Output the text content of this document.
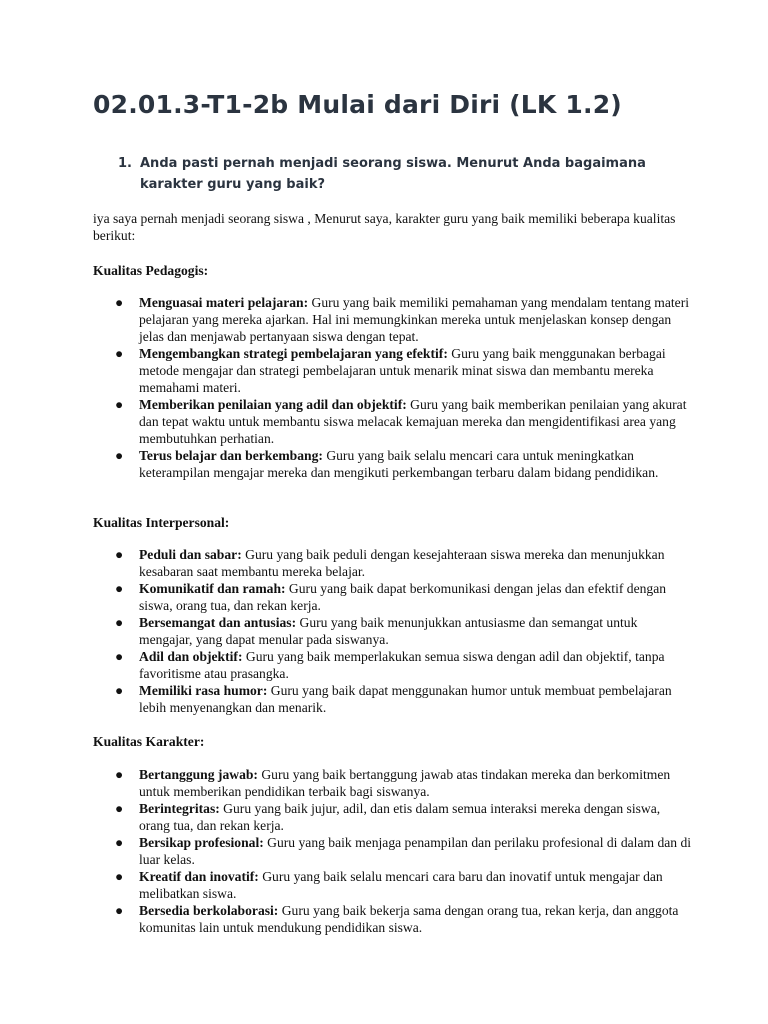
02.01.3-T1-2b Mulai dari Diri (LK 1.2)
1. Anda pasti pernah menjadi seorang siswa. Menurut Anda bagaimana karakter guru yang baik?

iya saya pernah menjadi seorang siswa , Menurut saya, karakter guru yang baik memiliki beberapa kualitas berikut:

Kualitas Pedagogis:

● Menguasai materi pelajaran: Guru yang baik memiliki pemahaman yang mendalam tentang materi pelajaran yang mereka ajarkan. Hal ini memungkinkan mereka untuk menjelaskan konsep dengan jelas dan menjawab pertanyaan siswa dengan tepat.
● Mengembangkan strategi pembelajaran yang efektif: Guru yang baik menggunakan berbagai metode mengajar dan strategi pembelajaran untuk menarik minat siswa dan membantu mereka memahami materi.
● Memberikan penilaian yang adil dan objektif: Guru yang baik memberikan penilaian yang akurat dan tepat waktu untuk membantu siswa melacak kemajuan mereka dan mengidentifikasi area yang membutuhkan perhatian.
● Terus belajar dan berkembang: Guru yang baik selalu mencari cara untuk meningkatkan keterampilan mengajar mereka dan mengikuti perkembangan terbaru dalam bidang pendidikan.

Kualitas Interpersonal:

● Peduli dan sabar: Guru yang baik peduli dengan kesejahteraan siswa mereka dan menunjukkan kesabaran saat membantu mereka belajar.
● Komunikatif dan ramah: Guru yang baik dapat berkomunikasi dengan jelas dan efektif dengan siswa, orang tua, dan rekan kerja.
● Bersemangat dan antusias: Guru yang baik menunjukkan antusiasme dan semangat untuk mengajar, yang dapat menular pada siswanya.
● Adil dan objektif: Guru yang baik memperlakukan semua siswa dengan adil dan objektif, tanpa favoritisme atau prasangka.
● Memiliki rasa humor: Guru yang baik dapat menggunakan humor untuk membuat pembelajaran lebih menyenangkan dan menarik.

Kualitas Karakter:

● Bertanggung jawab: Guru yang baik bertanggung jawab atas tindakan mereka dan berkomitmen untuk memberikan pendidikan terbaik bagi siswanya.
● Berintegritas: Guru yang baik jujur, adil, dan etis dalam semua interaksi mereka dengan siswa, orang tua, dan rekan kerja.
● Bersikap profesional: Guru yang baik menjaga penampilan dan perilaku profesional di dalam dan di luar kelas.
● Kreatif dan inovatif: Guru yang baik selalu mencari cara baru dan inovatif untuk mengajar dan melibatkan siswa.
● Bersedia berkolaborasi: Guru yang baik bekerja sama dengan orang tua, rekan kerja, dan anggota komunitas lain untuk mendukung pendidikan siswa.
